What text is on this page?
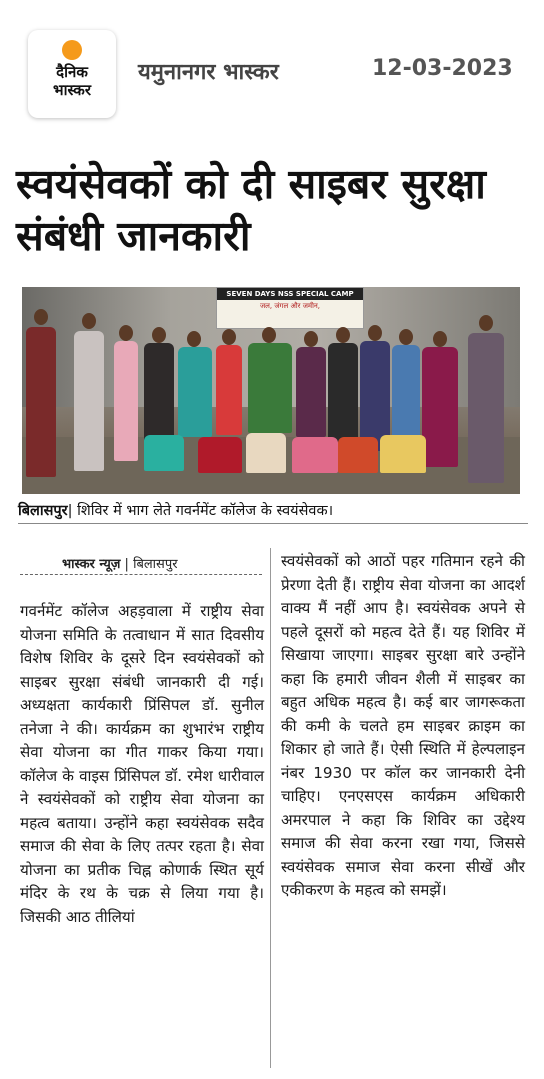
दैनिक
भास्कर
यमुनानगर भास्कर	12-03-2023
स्वयंसेवकों को दी साइबर सुरक्षा संबंधी जानकारी
SEVEN DAYS NSS SPECIAL CAMP
जल, जंगल और जमीन,
बिलासपुर| शिविर में भाग लेते गवर्नमेंट कॉलेज के स्वयंसेवक।
भास्कर न्यूज़ | बिलासपुर
गवर्नमेंट कॉलेज अहड़वाला में राष्ट्रीय सेवा योजना समिति के तत्वाधान में सात दिवसीय विशेष शिविर के दूसरे दिन स्वयंसेवकों को साइबर सुरक्षा संबंधी जानकारी दी गई। अध्यक्षता कार्यकारी प्रिंसिपल डॉ. सुनील तनेजा ने की। कार्यक्रम का शुभारंभ राष्ट्रीय सेवा योजना का गीत गाकर किया गया। कॉलेज के वाइस प्रिंसिपल डॉ. रमेश धारीवाल ने स्वयंसेवकों को राष्ट्रीय सेवा योजना का महत्व बताया। उन्होंने कहा स्वयंसेवक सदैव समाज की सेवा के लिए तत्पर रहता है। सेवा योजना का प्रतीक चिह्न कोणार्क स्थित सूर्य मंदिर के रथ के चक्र से लिया गया है। जिसकी आठ तीलियां
स्वयंसेवकों को आठों पहर गतिमान रहने की प्रेरणा देती हैं। राष्ट्रीय सेवा योजना का आदर्श वाक्य मैं नहीं आप है। स्वयंसेवक अपने से पहले दूसरों को महत्व देते हैं। यह शिविर में सिखाया जाएगा। साइबर सुरक्षा बारे उन्होंने कहा कि हमारी जीवन शैली में साइबर का बहुत अधिक महत्व है। कई बार जागरूकता की कमी के चलते हम साइबर क्राइम का शिकार हो जाते हैं। ऐसी स्थिति में हेल्पलाइन नंबर 1930 पर कॉल कर जानकारी देनी चाहिए। एनएसएस कार्यक्रम अधिकारी अमरपाल ने कहा कि शिविर का उद्देश्य समाज की सेवा करना रखा गया, जिससे स्वयंसेवक समाज सेवा करना सीखें और एकीकरण के महत्व को समझें।
